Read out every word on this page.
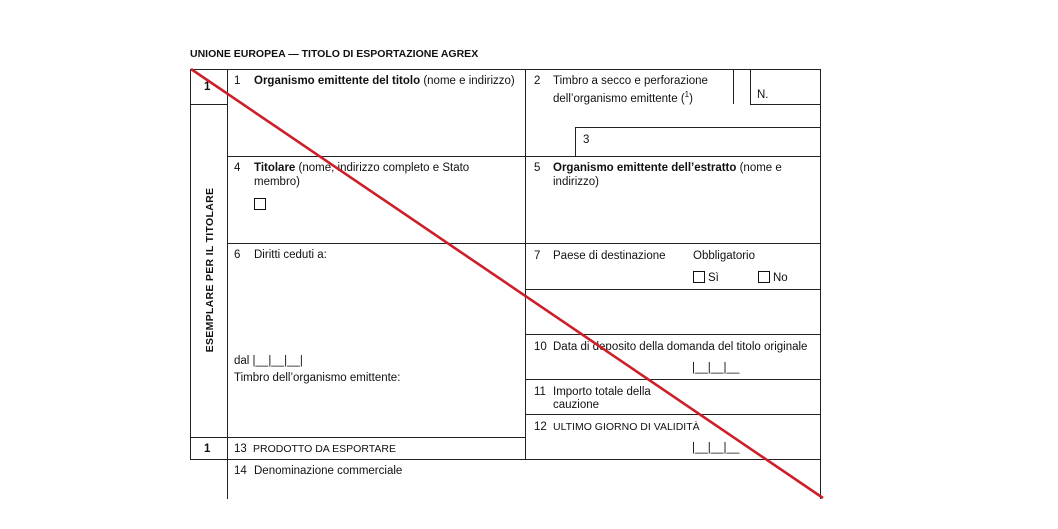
UNIONE EUROPEA — TITOLO DI ESPORTAZIONE AGREX
1
ESEMPLARE PER IL TITOLARE
1
1 Organismo emittente del titolo (nome e indirizzo) 2 Timbro a secco e perforazione
dell’organismo emittente ($^1$)	N.
3
4 Titolare (nome, indirizzo completo e Stato
membro)
5 Organismo emittente dell’estratto (nome e
indirizzo)
6 Diritti ceduti a:
dal |__|__|__|
Timbro dell’organismo emittente:
7 Paese di destinazione Obbligatorio
Sì	No
10 Data di deposito della domanda del titolo originale
|__|__|__
11 Importo totale della
cauzione
12 ULTIMO GIORNO DI VALIDITÀ
|__|__|__
13 PRODOTTO DA ESPORTARE
14 Denominazione commerciale
